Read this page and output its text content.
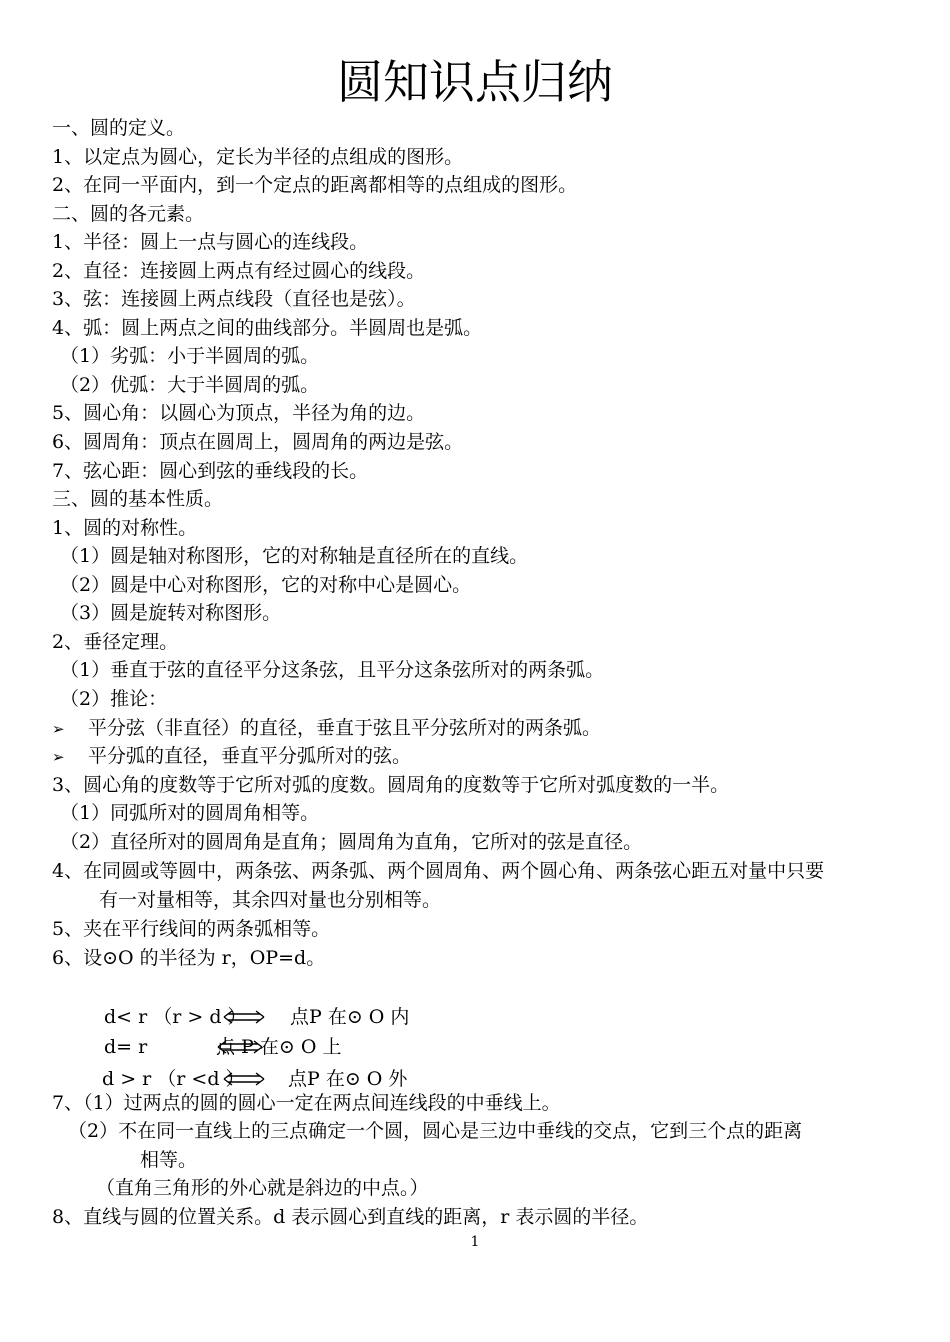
圆知识点归纳
一、圆的定义。
1、以定点为圆心，定长为半径的点组成的图形。
2、在同一平面内，到一个定点的距离都相等的点组成的图形。
二、圆的各元素。
1、半径：圆上一点与圆心的连线段。
2、直径：连接圆上两点有经过圆心的线段。
3、弦：连接圆上两点线段（直径也是弦）。
4、弧：圆上两点之间的曲线部分。半圆周也是弧。
（1）劣弧：小于半圆周的弧。
（2）优弧：大于半圆周的弧。
5、圆心角：以圆心为顶点，半径为角的边。
6、圆周角：顶点在圆周上，圆周角的两边是弦。
7、弦心距：圆心到弦的垂线段的长。
三、圆的基本性质。
1、圆的对称性。
（1）圆是轴对称图形，它的对称轴是直径所在的直线。
（2）圆是中心对称图形，它的对称中心是圆心。
（3）圆是旋转对称图形。
2、垂径定理。
（1）垂直于弦的直径平分这条弦，且平分这条弦所对的两条弧。
（2）推论：
➢ 平分弦（非直径）的直径，垂直于弦且平分弦所对的两条弧。
➢ 平分弧的直径，垂直平分弧所对的弦。
3、圆心角的度数等于它所对弧的度数。圆周角的度数等于它所对弧度数的一半。
（1）同弧所对的圆周角相等。
（2）直径所对的圆周角是直角；圆周角为直角，它所对的弦是直径。
4、在同圆或等圆中，两条弦、两条弧、两个圆周角、两个圆心角、两条弦心距五对量中只要
有一对量相等，其余四对量也分别相等。
5、夹在平行线间的两条弧相等。
6、设⊙O 的半径为 r，OP=d。
d< r （r > d ） 点P 在⊙ O 内
d= r	点 P 在⊙ O 上
d > r （r <d ） 点P 在⊙ O 外
7、（1）过两点的圆的圆心一定在两点间连线段的中垂线上。
（2）不在同一直线上的三点确定一个圆，圆心是三边中垂线的交点，它到三个点的距离
相等。
（直角三角形的外心就是斜边的中点。）
8、直线与圆的位置关系。d 表示圆心到直线的距离，r 表示圆的半径。
1
